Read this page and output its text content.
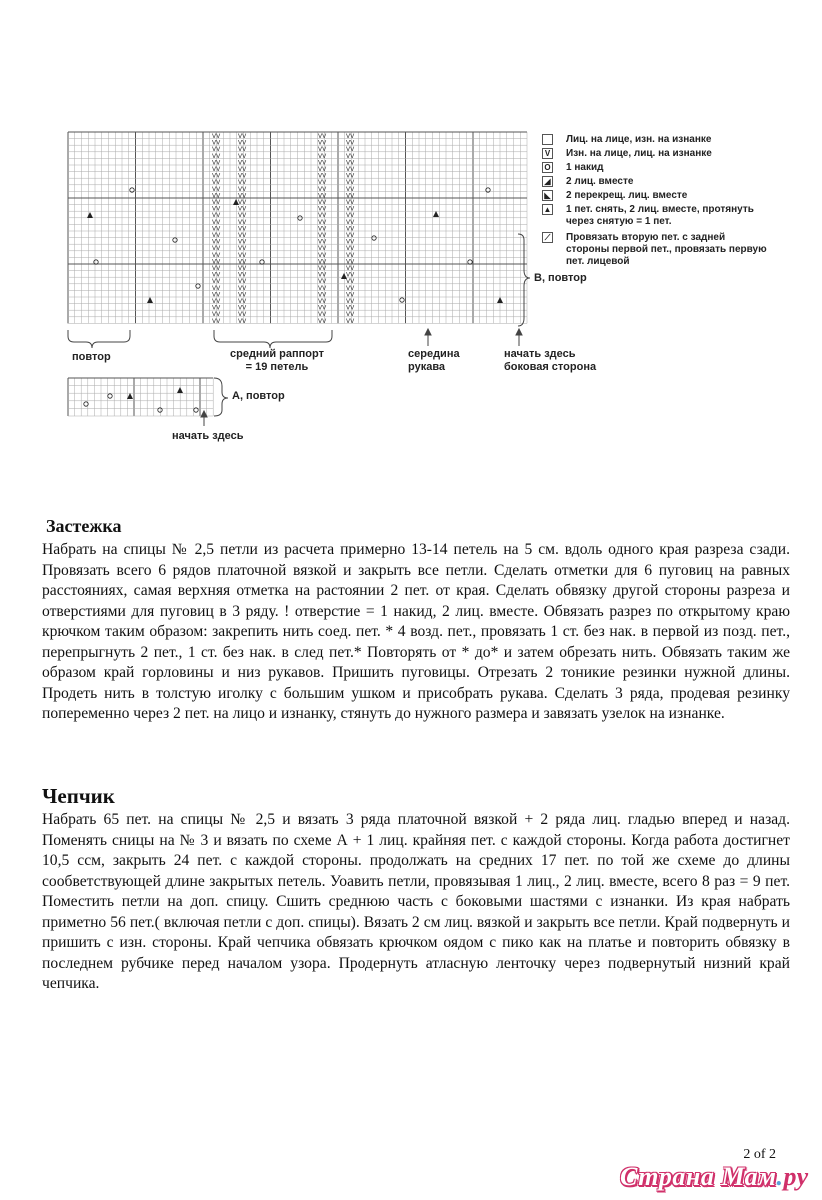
VV
VV
VV
VV
VV
VV
VV
VV
VV
VV
VV
VV
VV
VV
VV
VV
VV
VV
VV
VV
VV
VV
VV
VV
VV
VV
VV
VV
VV
VV
VV
VV
VV
VV
VV
VV
VV
VV
VV
VV
VV
VV
VV
VV
VV
VV
VV
VV
VV
VV
VV
VV
VV
VV
VV
VV
VV
VV
VV
VV
VV
VV
VV
VV
VV
VV
VV
VV
VV
VV
VV
VV
VV
VV
VV
VV
VV
VV
VV
VV
VV
VV
VV
VV
VV
VV
VV
VV
VV
VV
VV
VV
VV
VV
VV
VV
VV
VV
VV
VV
VV
VV
VV
VV
VV
VV
VV
VV
VV
VV
VV
VV
VV
VV
VV
VV
В, повтор
повтор	средний раппорт
= 19 петель
середина
рукава
начать здесь
боковая сторона
А, повтор
начать здесь
Лиц. на лице, изн. на изнанке
V Изн. на лице, лиц. на изнанке
O 1 накид
◢ 2 лиц. вместе
◣ 2 перекрещ. лиц. вместе
▲ 1 пет. снять, 2 лиц. вместе, протянуть
через снятую = 1 пет.
⟋ Провязать вторую пет. с задней
стороны первой пет., провязать первую
пет. лицевой
Застежка

Набрать на спицы № 2,5 петли из расчета примерно 13-14 петель на 5 см. вдоль одного края разреза сзади. Провязать всего 6 рядов платочной вязкой и закрыть все петли. Сделать отметки для 6 пуговиц на равных расстояниях, самая верхняя отметка на растоянии 2 пет. от края. Сделать обвязку другой стороны разреза и отверстиями для пуговиц в 3 ряду. ! отверстие = 1 накид, 2 лиц. вместе. Обвязать разрез по открытому краю крючком таким образом: закрепить нить соед. пет. * 4 возд. пет., провязать 1 ст. без нак. в первой из позд. пет., перепрыгнуть 2 пет., 1 ст. без нак. в след пет.* Повторять от * до* и затем обрезать нить. Обвязать таким же образом край горловины и низ рукавов. Пришить пуговицы. Отрезать 2 тоникие резинки нужной длины. Продеть нить в толстую иголку с большим ушком и присобрать рукава. Сделать 3 ряда, продевая резинку попеременно через 2 пет. на лицо и изнанку, стянуть до нужного размера и завязать узелок на изнанке.

Чепчик

Набрать 65 пет. на спицы № 2,5 и вязать 3 ряда платочной вязкой + 2 ряда лиц. гладью вперед и назад. Поменять сницы на № 3 и вязать по схеме А + 1 лиц. крайняя пет. с каждой стороны. Когда работа достигнет 10,5 ссм, закрыть 24 пет. с каждой стороны. продолжать на средних 17 пет. по той же схеме до длины сообветствующей длине закрытых петель. Уоавить петли, провязывая 1 лиц., 2 лиц. вместе, всего 8 раз = 9 пет. Поместить петли на доп. спицу. Сшить среднюю часть с боковыми шастями с изнанки. Из края набрать приметно 56 пет.( включая петли с доп. спицы). Вязать 2 см лиц. вязкой и закрыть все петли. Край подвернуть и пришить с изн. стороны. Край чепчика обвязать крючком оядом с пико как на платье и повторить обвязку в последнем рубчике перед началом узора. Продернуть атласную ленточку через подвернутый низний край чепчика.

2 of 2
Страна Мам.ру
